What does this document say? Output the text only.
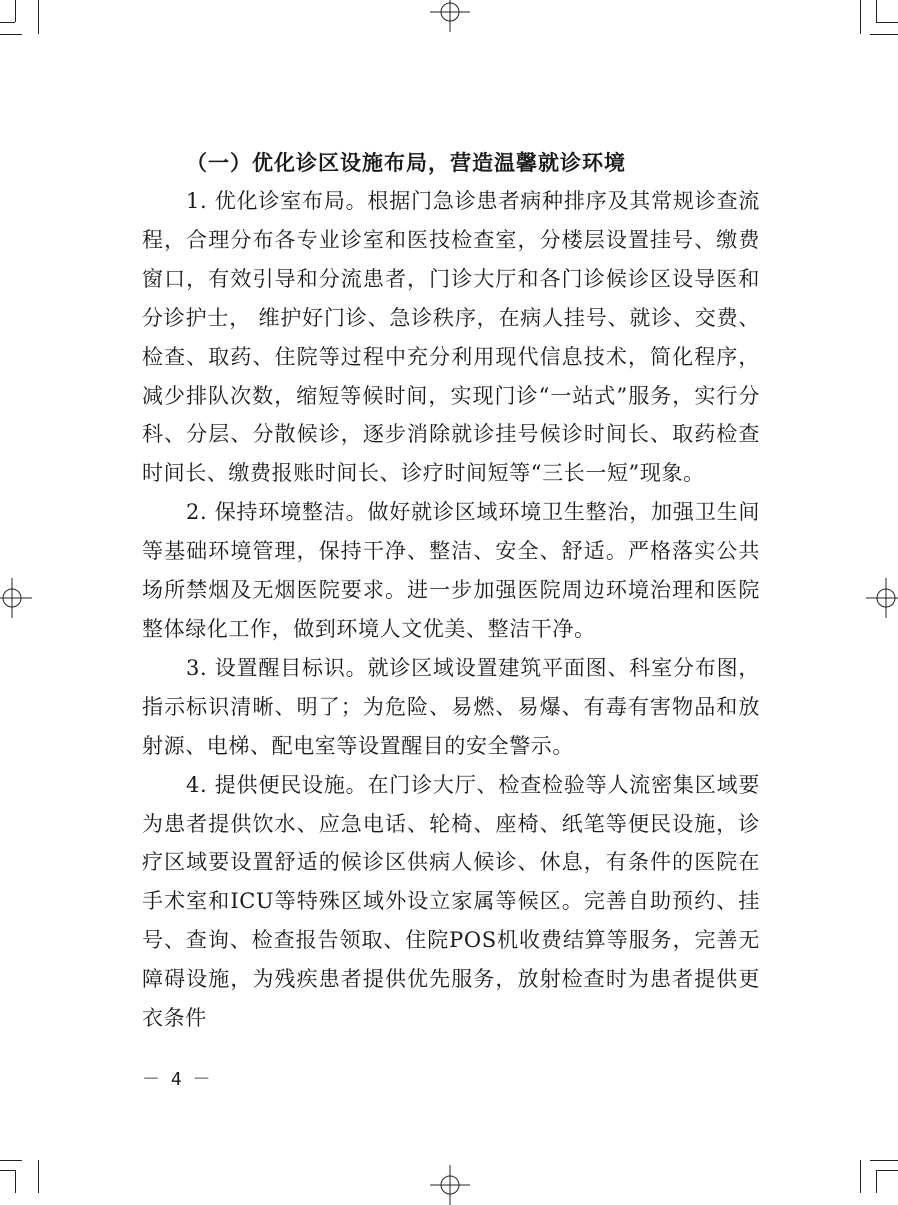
（一）优化诊区设施布局，营造温馨就诊环境

1. 优化诊室布局。根据门急诊患者病种排序及其常规诊查流程，合理分布各专业诊室和医技检查室，分楼层设置挂号、缴费窗口，有效引导和分流患者，门诊大厅和各门诊候诊区设导医和分诊护士， 维护好门诊、急诊秩序，在病人挂号、就诊、交费、检查、取药、住院等过程中充分利用现代信息技术，简化程序，减少排队次数，缩短等候时间，实现门诊“一站式”服务，实行分科、分层、分散候诊，逐步消除就诊挂号候诊时间长、取药检查时间长、缴费报账时间长、诊疗时间短等“三长一短”现象。

2. 保持环境整洁。做好就诊区域环境卫生整治，加强卫生间等基础环境管理，保持干净、整洁、安全、舒适。严格落实公共场所禁烟及无烟医院要求。进一步加强医院周边环境治理和医院整体绿化工作，做到环境人文优美、整洁干净。

3. 设置醒目标识。就诊区域设置建筑平面图、科室分布图，指示标识清晰、明了；为危险、易燃、易爆、有毒有害物品和放射源、电梯、配电室等设置醒目的安全警示。

4. 提供便民设施。在门诊大厅、检查检验等人流密集区域要为患者提供饮水、应急电话、轮椅、座椅、纸笔等便民设施，诊疗区域要设置舒适的候诊区供病人候诊、休息，有条件的医院在手术室和ICU等特殊区域外设立家属等候区。完善自助预约、挂号、查询、检查报告领取、住院POS机收费结算等服务，完善无障碍设施，为残疾患者提供优先服务，放射检查时为患者提供更衣条件

－ 4 －
